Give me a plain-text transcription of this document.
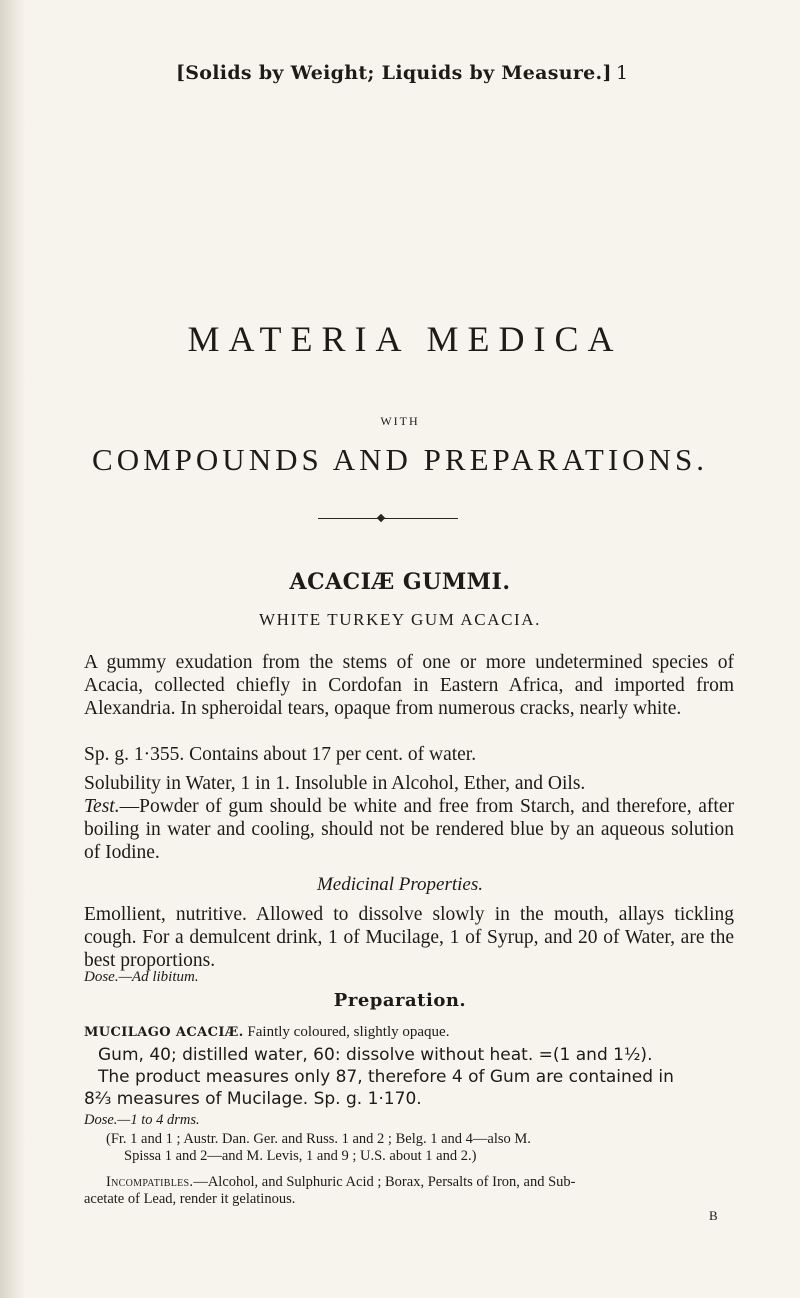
[Solids by Weight; Liquids by Measure.] 1
MATERIA MEDICA
WITH
COMPOUNDS AND PREPARATIONS.
ACACIÆ GUMMI.
WHITE TURKEY GUM ACACIA.
A gummy exudation from the stems of one or more undetermined species of Acacia, collected chiefly in Cordofan in Eastern Africa, and imported from Alexandria. In spheroidal tears, opaque from numerous cracks, nearly white.
Sp. g. 1·355. Contains about 17 per cent. of water.
Solubility in Water, 1 in 1. Insoluble in Alcohol, Ether, and Oils.
Test.—Powder of gum should be white and free from Starch, and therefore, after boiling in water and cooling, should not be rendered blue by an aqueous solution of Iodine.
Medicinal Properties.
Emollient, nutritive. Allowed to dissolve slowly in the mouth, allays tickling cough. For a demulcent drink, 1 of Mucilage, 1 of Syrup, and 20 of Water, are the best proportions.
Dose.—Ad libitum.
Preparation.
MUCILAGO ACACIÆ. Faintly coloured, slightly opaque.
Gum, 40; distilled water, 60: dissolve without heat. =(1 and 1½).
The product measures only 87, therefore 4 of Gum are contained in
8⅔ measures of Mucilage. Sp. g. 1·170.
Dose.—1 to 4 drms.
(Fr. 1 and 1 ; Austr. Dan. Ger. and Russ. 1 and 2 ; Belg. 1 and 4—also M.
Spissa 1 and 2—and M. Levis, 1 and 9 ; U.S. about 1 and 2.)
Incompatibles.—Alcohol, and Sulphuric Acid ; Borax, Persalts of Iron, and Sub-
acetate of Lead, render it gelatinous.
B
